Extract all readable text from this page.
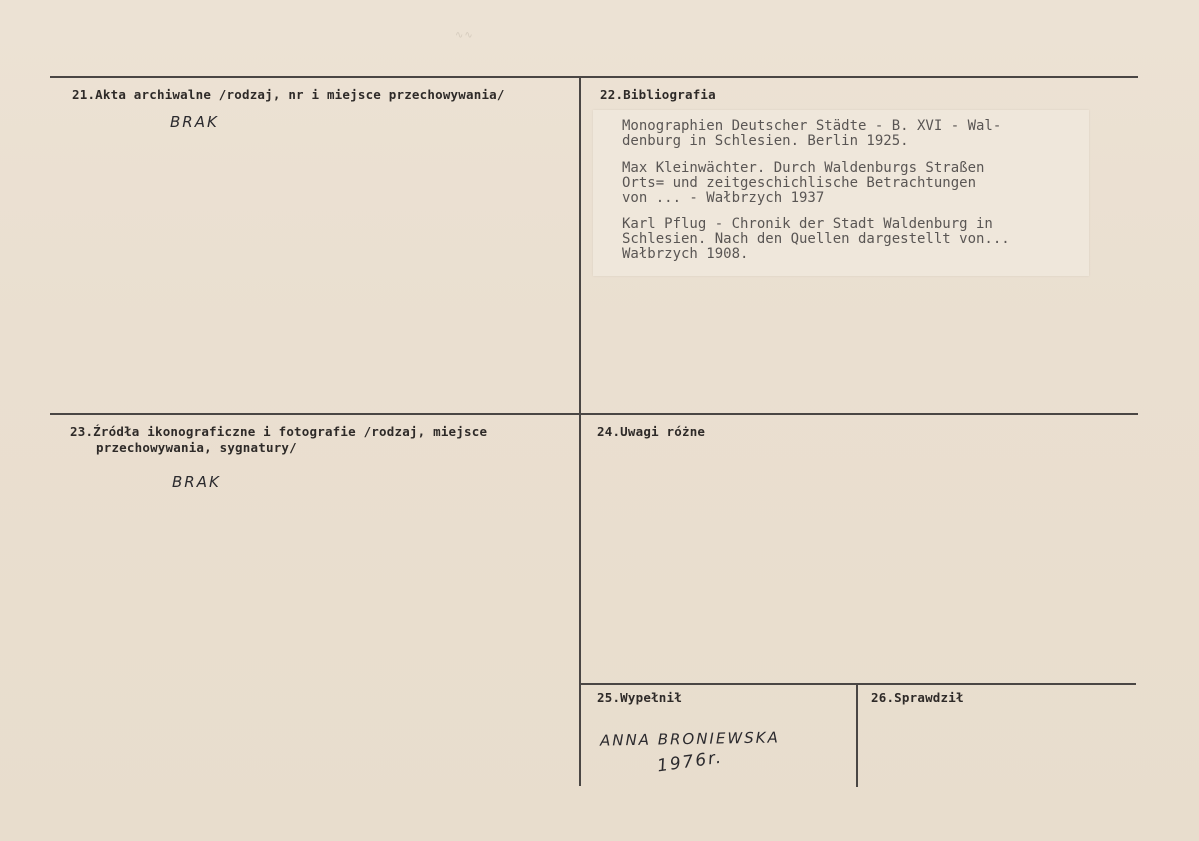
∿∿
21.Akta archiwalne /rodzaj, nr i miejsce przechowywania/
BRAK
22.Bibliografia
Monographien Deutscher Städte - B. XVI - Wal-
denburg in Schlesien. Berlin 1925.
Max Kleinwächter. Durch Waldenburgs Straßen
Orts= und zeitgeschichlische Betrachtungen
von ... - Wałbrzych 1937
Karl Pflug - Chronik der Stadt Waldenburg in
Schlesien. Nach den Quellen dargestellt von...
Wałbrzych 1908.
23.Źródła ikonograficzne i fotografie /rodzaj, miejsce
przechowywania, sygnatury/
BRAK
24.Uwagi różne
25.Wypełnił
ANNA BRONIEWSKA
1976r.
26.Sprawdził
